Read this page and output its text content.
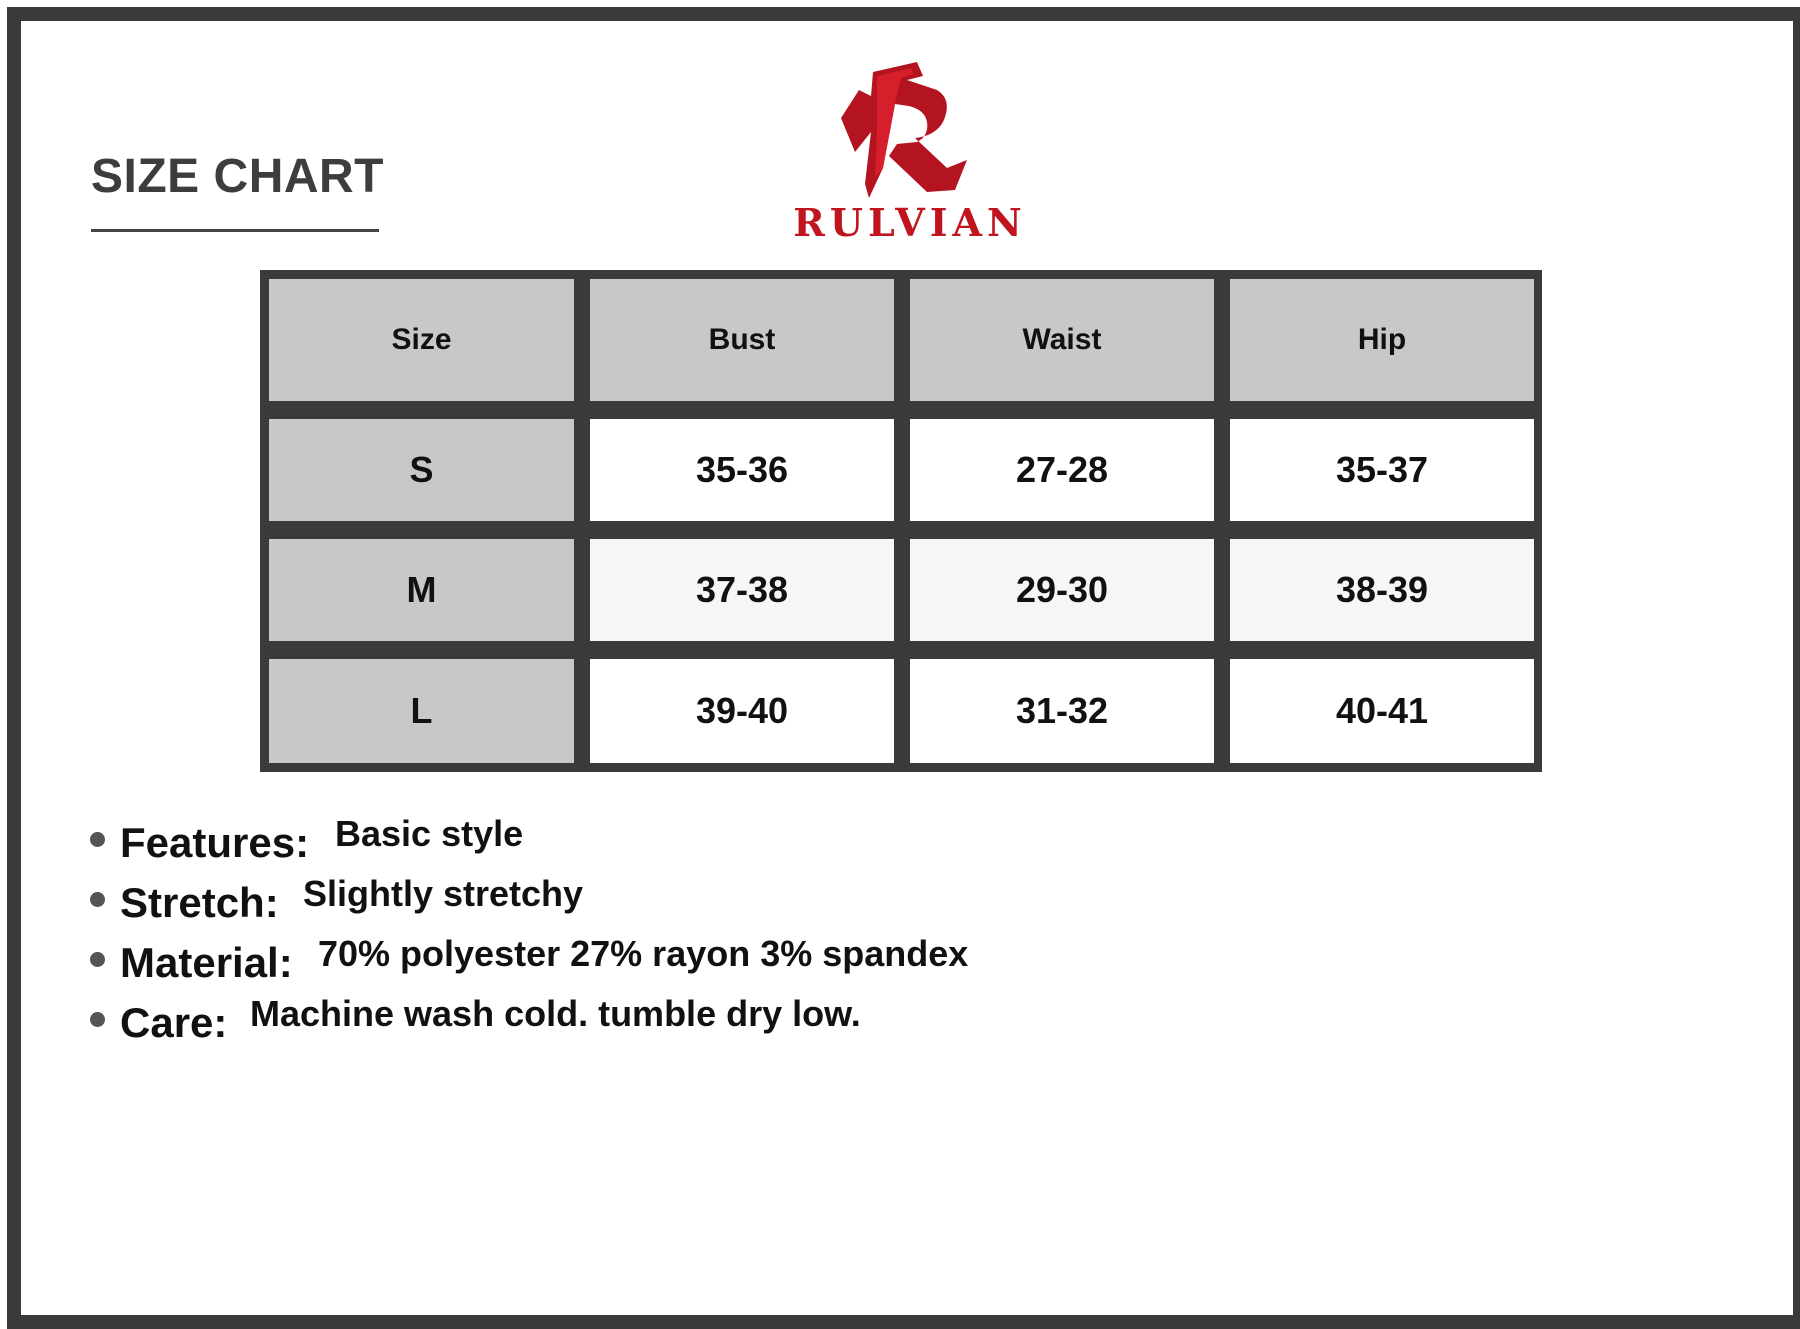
SIZE CHART
RULVIAN
Size	Bust	Waist	Hip
S	35-36	27-28	35-37
M	37-38	29-30	38-39
L	39-40	31-32	40-41
Features: Basic style
Stretch: Slightly stretchy
Material: 70% polyester 27% rayon 3% spandex
Care: Machine wash cold. tumble dry low.
